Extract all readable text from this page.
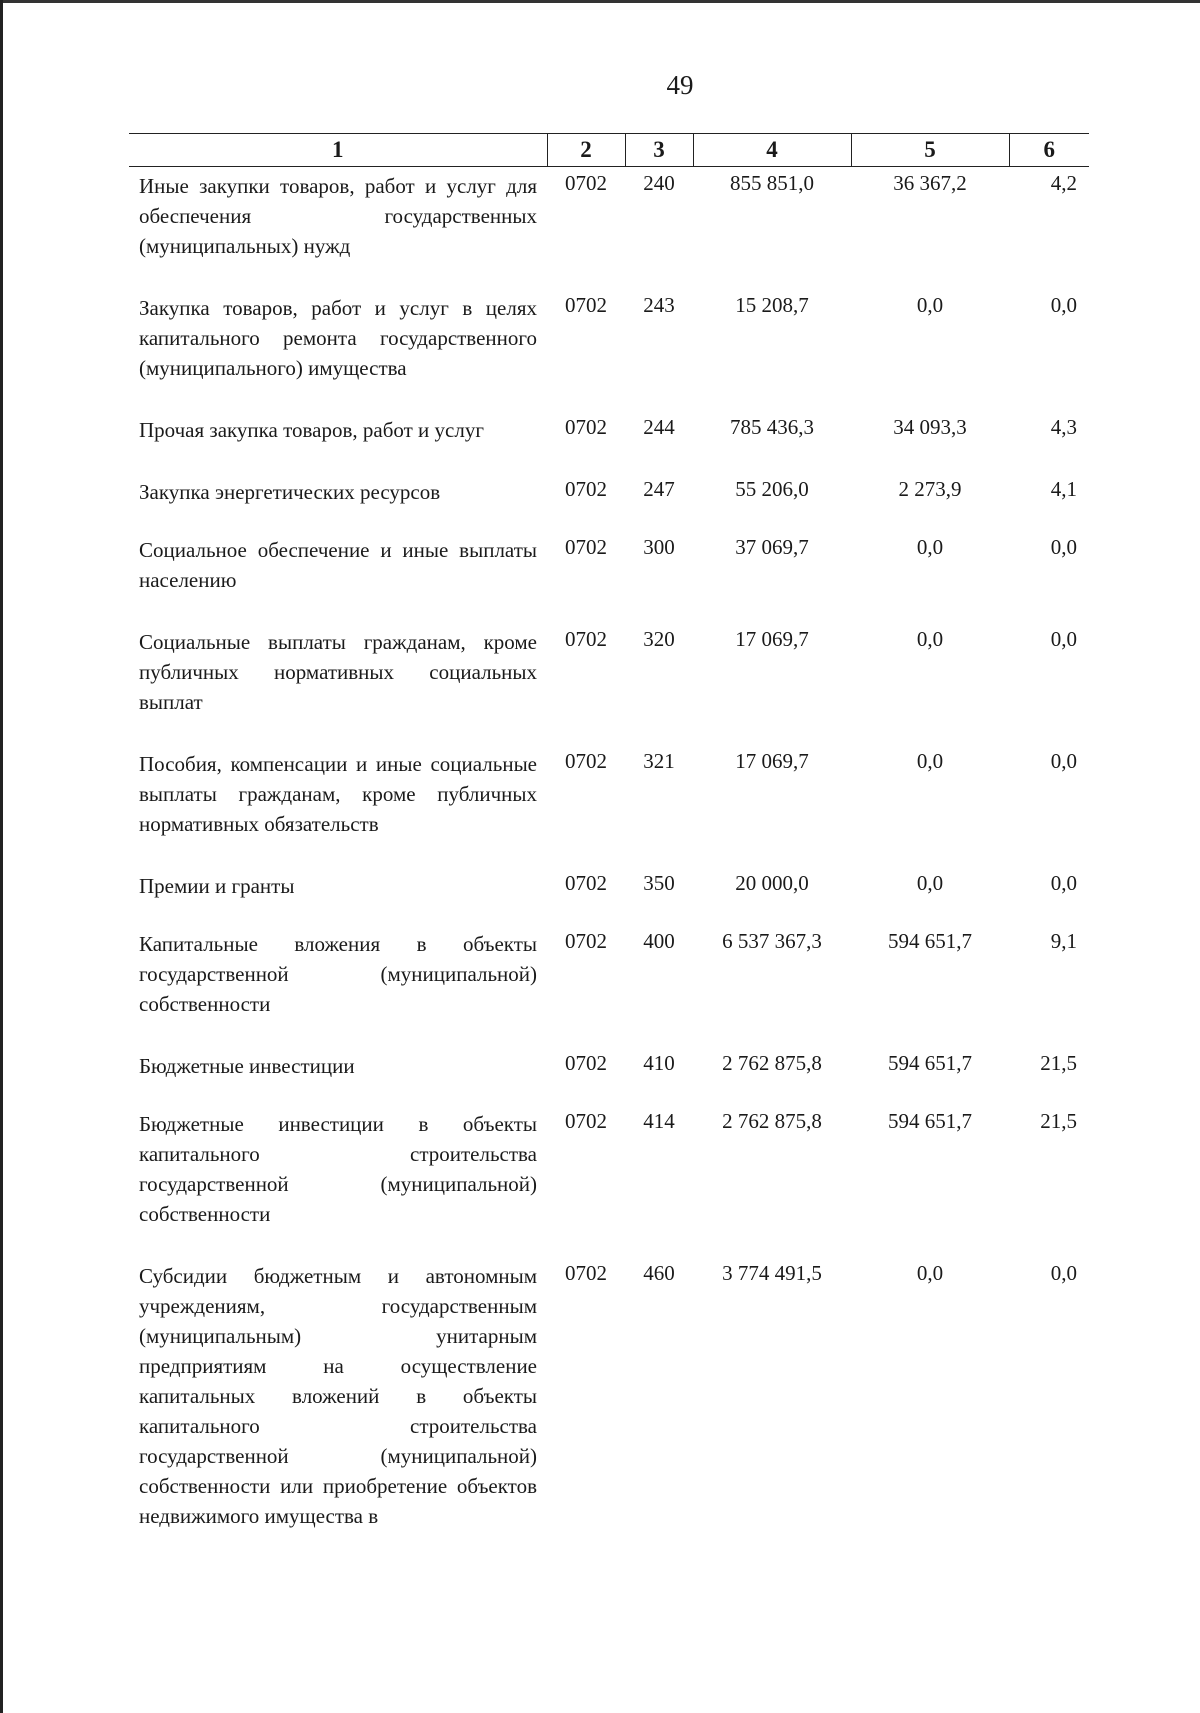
49
1	2	3	4	5	6
Иные закупки товаров, работ и услуг для обеспечения государственных (муниципальных) нужд	0702	240	855 851,0	36 367,2	4,2
Закупка товаров, работ и услуг в целях капитального ремонта государственного (муниципального) имущества	0702	243	15 208,7	0,0	0,0
Прочая закупка товаров, работ и услуг	0702	244	785 436,3	34 093,3	4,3
Закупка энергетических ресурсов	0702	247	55 206,0	2 273,9	4,1
Социальное обеспечение и иные выплаты населению	0702	300	37 069,7	0,0	0,0
Социальные выплаты гражданам, кроме публичных нормативных социальных выплат	0702	320	17 069,7	0,0	0,0
Пособия, компенсации и иные социальные выплаты гражданам, кроме публичных нормативных обязательств	0702	321	17 069,7	0,0	0,0
Премии и гранты	0702	350	20 000,0	0,0	0,0
Капитальные вложения в объекты государственной (муниципальной) собственности	0702	400	6 537 367,3	594 651,7	9,1
Бюджетные инвестиции	0702	410	2 762 875,8	594 651,7	21,5
Бюджетные инвестиции в объекты капитального строительства государственной (муниципальной) собственности	0702	414	2 762 875,8	594 651,7	21,5
Субсидии бюджетным и автономным учреждениям, государственным (муниципальным) унитарным предприятиям на осуществление капитальных вложений в объекты капитального строительства государственной (муниципальной) собственности или приобретение объектов недвижимого имущества в	0702	460	3 774 491,5	0,0	0,0
